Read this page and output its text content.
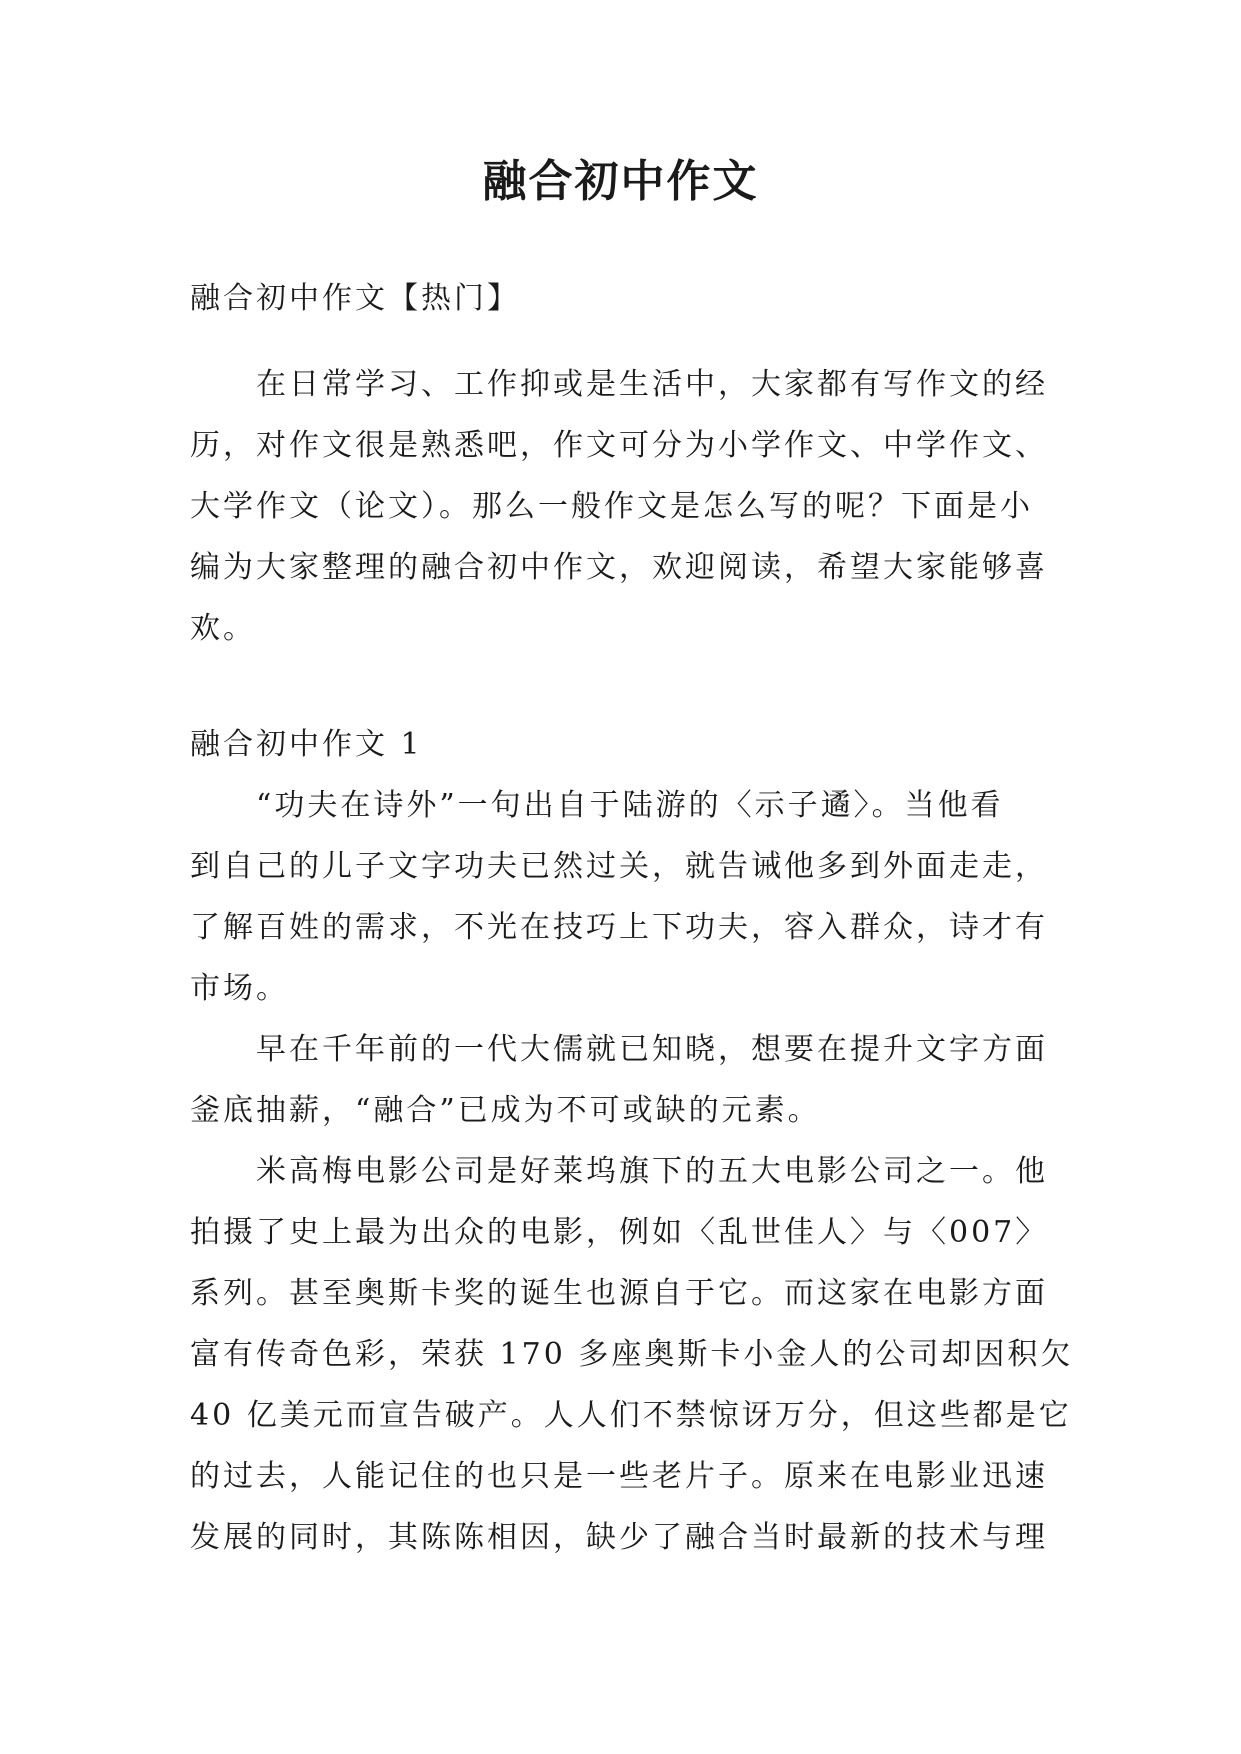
融合初中作文
融合初中作文【热门】
在日常学习、工作抑或是生活中，大家都有写作文的经
历，对作文很是熟悉吧，作文可分为小学作文、中学作文、
大学作文（论文）。那么一般作文是怎么写的呢？下面是小
编为大家整理的融合初中作文，欢迎阅读，希望大家能够喜
欢。
融合初中作文 1
“功夫在诗外”一句出自于陆游的〈示子遹〉。当他看
到自己的儿子文字功夫已然过关，就告诫他多到外面走走，
了解百姓的需求，不光在技巧上下功夫，容入群众，诗才有
市场。
早在千年前的一代大儒就已知晓，想要在提升文字方面
釜底抽薪，“融合”已成为不可或缺的元素。
米高梅电影公司是好莱坞旗下的五大电影公司之一。他
拍摄了史上最为出众的电影，例如〈乱世佳人〉与〈007〉
系列。甚至奥斯卡奖的诞生也源自于它。而这家在电影方面
富有传奇色彩，荣获 170 多座奥斯卡小金人的公司却因积欠
40 亿美元而宣告破产。人人们不禁惊讶万分，但这些都是它
的过去，人能记住的也只是一些老片子。原来在电影业迅速
发展的同时，其陈陈相因，缺少了融合当时最新的技术与理
